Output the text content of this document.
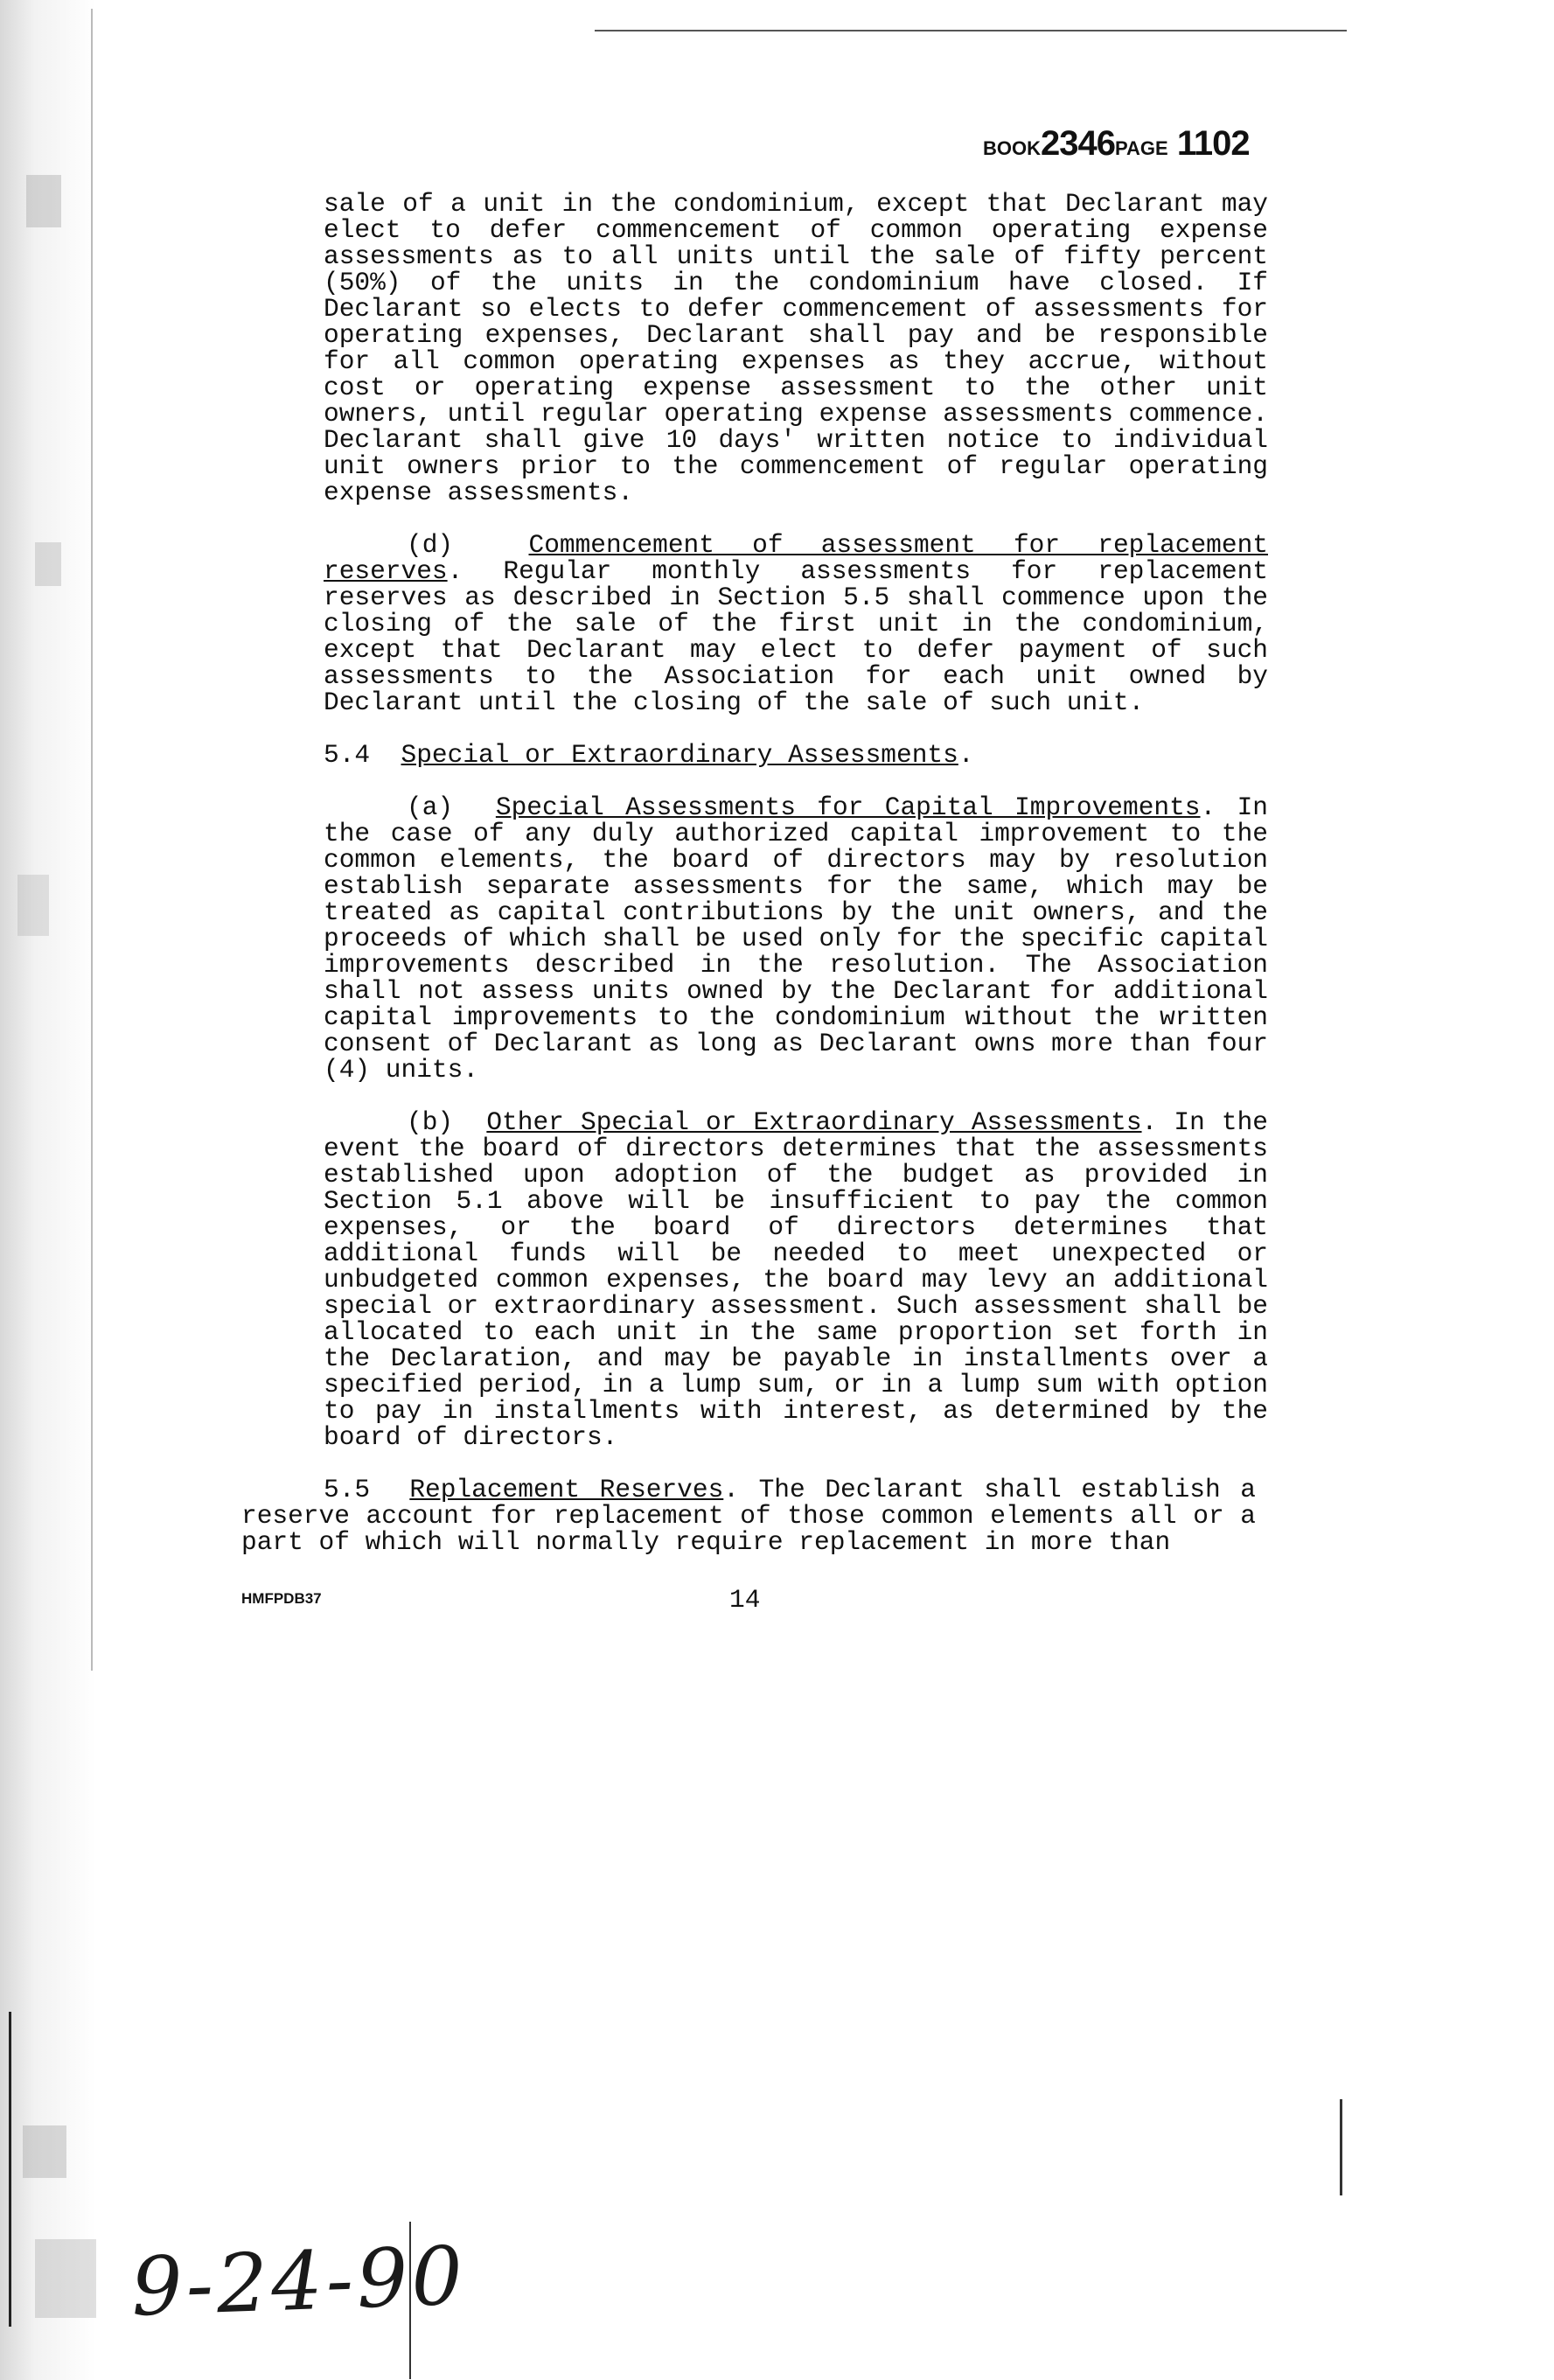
BOOK2346PAGE 1102

sale of a unit in the condominium, except that Declarant may elect to defer commencement of common operating expense assessments as to all units until the sale of fifty percent (50%) of the units in the condominium have closed. If Declarant so elects to defer commencement of assessments for operating expenses, Declarant shall pay and be responsible for all common operating expenses as they accrue, without cost or operating expense assessment to the other unit owners, until regular operating expense assessments commence. Declarant shall give 10 days' written notice to individual unit owners prior to the commencement of regular operating expense assessments.

(d)	Commencement of assessment for replacement reserves. Regular monthly assessments for replacement reserves as described in Section 5.5 shall commence upon the closing of the sale of the first unit in the condominium, except that Declarant may elect to defer payment of such assessments to the Association for each unit owned by Declarant until the closing of the sale of such unit.

5.4 Special or Extraordinary Assessments.

(a) Special Assessments for Capital Improvements. In the case of any duly authorized capital improvement to the common elements, the board of directors may by resolution establish separate assessments for the same, which may be treated as capital contributions by the unit owners, and the proceeds of which shall be used only for the specific capital improvements described in the resolution. The Association shall not assess units owned by the Declarant for additional capital improvements to the condominium without the written consent of Declarant as long as Declarant owns more than four (4) units.

(b) Other Special or Extraordinary Assessments. In the event the board of directors determines that the assessments established upon adoption of the budget as provided in Section 5.1 above will be insufficient to pay the common expenses, or the board of directors determines that additional funds will be needed to meet unexpected or unbudgeted common expenses, the board may levy an additional special or extraordinary assessment. Such assessment shall be allocated to each unit in the same proportion set forth in the Declaration, and may be payable in installments over a specified period, in a lump sum, or in a lump sum with option to pay in installments with interest, as determined by the board of directors.

5.5 Replacement Reserves. The Declarant shall establish a reserve account for replacement of those common elements all or a part of which will normally require replacement in more than

HMFPDB37	14
9-24-90
